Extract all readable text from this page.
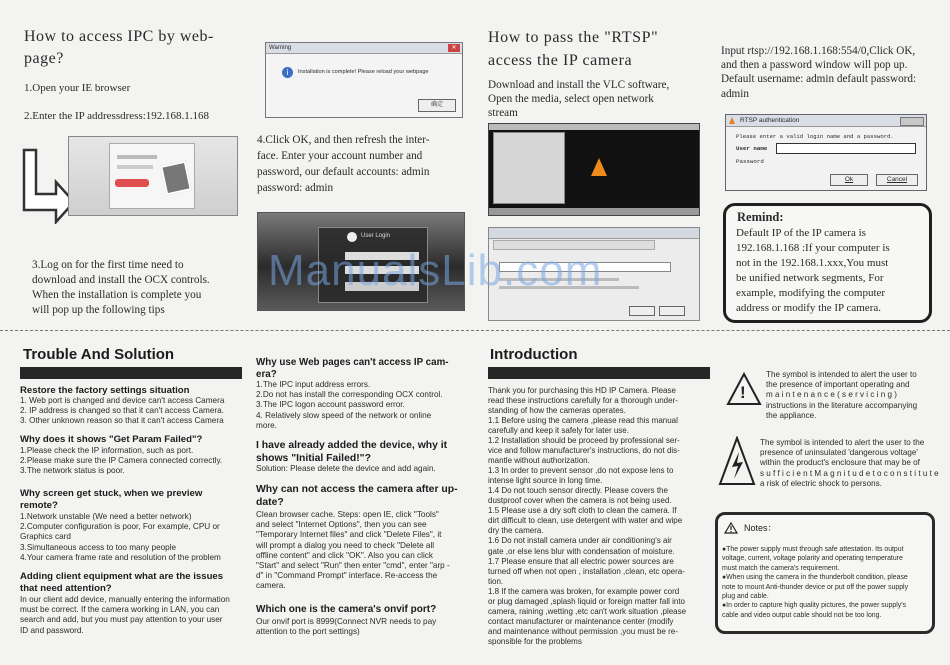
How to access IPC by web-
page?
1.Open your IE browser
2.Enter the IP addressdress:192.168.1.168
3.Log on for the first time need to
download and install the OCX controls.
When the installation is complete you
will pop up the following tips
Warning	✕
i	Installation is complete! Please reload your webpage
确定
4.Click OK, and then refresh the inter-
face. Enter your account number and
password, our default accounts: admin
password: admin
User Login
How to pass the "RTSP"
access the IP camera
Download and install the VLC software,
Open the media, select open network
stream
Input rtsp://192.168.1.168:554/0,Click OK,
and then a password window will pop up.
Default username: admin default password:
admin
RTSP authentication
Please enter a valid login name and a password.
User name
Password
Ok	Cancel
Remind:
Default IP of the IP camera is
192.168.1.168 :If your computer is
not in the 192.168.1.xxx,You must
be unified network segments, For
example, modifying the computer
address or modify the IP camera.
ManualsLib.com
Trouble And Solution
Restore the factory settings situation
1. Web port is changed and device can't access Camera
2. IP address is changed so that it can't access Camera.
3. Other unknown reason so that it can't access Camera
Why does it shows "Get Param Failed"?
1.Please check the IP information, such as port.
2.Please make sure the IP Camera connected correctly.
3.The network status is poor.
Why screen get stuck, when we preview
remote?
1.Network unstable (We need a better network)
2.Computer configuration is poor, For example, CPU or
Graphics card
3.Simultaneous access to too many people
4.Your camera frame rate and resolution of the problem
Adding client equipment what are the issues
that need attention?
In our client add device, manually entering the information
must be correct. If the camera working in LAN, you can
search and add, but you must pay attention to your user
ID and password.
Why use Web pages can't access IP cam-
era?
1.The IPC input address errors.
2.Do not has install the corresponding OCX control.
3.The IPC logon account password error.
4. Relatively slow speed of the network or online
more.
I have already added the device, why it
shows "Initial Failed!"?
Solution: Please delete the device and add again.
Why can not access the camera after up-
date?
Clean browser cache. Steps: open IE, click "Tools"
and select "Internet Options", then you can see
"Temporary Internet files" and click "Delete Files", it
will prompt a dialog you need to check "Delete all
offline content" and click "OK". Also you can click
"Start" and select "Run" then enter "cmd", enter "arp -
d" in "Command Prompt" interface. Re-access the
camera.
Which one is the camera's onvif port?
Our onvif port is 8999(Connect NVR needs to pay
attention to the port settings)
Introduction
Thank you for purchasing this HD IP Camera. Please
read these instructions carefully for a thorough under-
standing of how the cameras operates.
1.1 Before using the camera ,please read this manual
carefully and keep it safely for later use.
1.2 Installation should be proceed by professional ser-
vice and follow manufacturer's instructions, do not dis-
mantle without authorization.
1.3 In order to prevent sensor ,do not expose lens to
intense light source in long time.
1.4 Do not touch sensor directly. Please covers the
dustproof cover when the camera is not being used.
1.5 Please use a dry soft cloth to clean the camera. If
dirt difficult to clean, use detergent with water and wipe
dry the camera.
1.6 Do not install camera under air conditioning's air
gate ,or else lens blur with condensation of moisture.
1.7 Please ensure that all electric power sources are
turned off when not open , installation ,clean, etc opera-
tion.
1.8 If the camera was broken, for example power cord
or plug damaged ,splash liquid or foreign matter fall into
camera, raining ,wetting ,etc can't work situation ,please
contact manufacturer or maintenance center (modify
and maintenance without permission ,you must be re-
sponsible for the problems
!
The symbol is intended to alert the user to
the presence of important operating and
m a i n t e n a n c e ( s e r v i c i n g )
instructions in the literature accompanying
the appliance.
The symbol is intended to alert the user to the
presence of uninsulated 'dangerous voltage'
within the product's enclosure that may be of
s u f f i c i e n t M a g n i t u d e t o c o n s t i t u t e
a risk of electric shock to persons.
Notes：
●The power supply must through safe attestation. Its output
voltage, current, voltage polarity and operating temperature
must match the camera's requirement.
●When using the camera in the thunderbolt condition, please
note to mount Anti-thunder device or put off the power supply
plug and cable.
●In order to capture high quality pictures, the power supply's
cable and video output cable should not be too long.
